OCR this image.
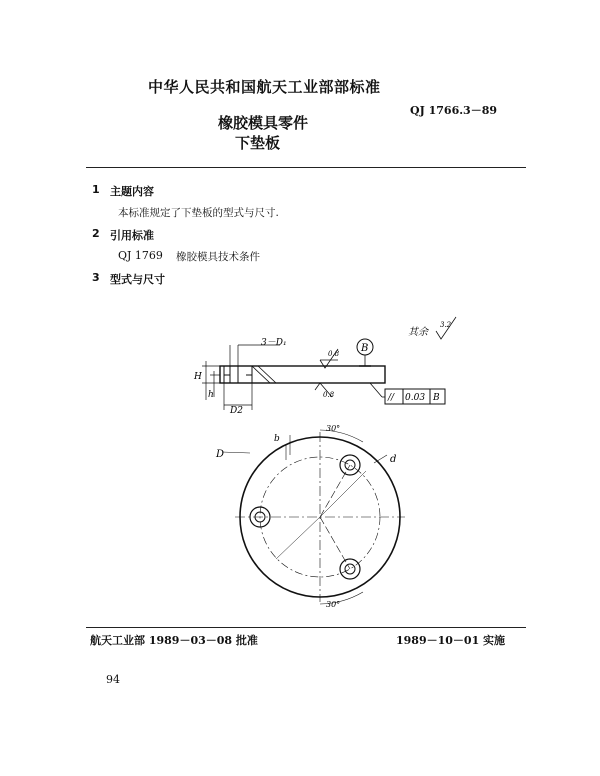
中华人民共和国航天工业部部标准
QJ 1766.3－89
橡胶模具零件
下垫板
1 主题内容
本标准规定了下垫板的型式与尺寸.
2 引用标准
QJ 1769 橡胶模具技术条件
3 型式与尺寸
3－D₁
0.8
0.8
B
// 0.03 B
H
h
D2
其余
3.2
D	d
b
30°
30°
航天工业部 1989－03－08 批准	1989－10－01 实施
94
